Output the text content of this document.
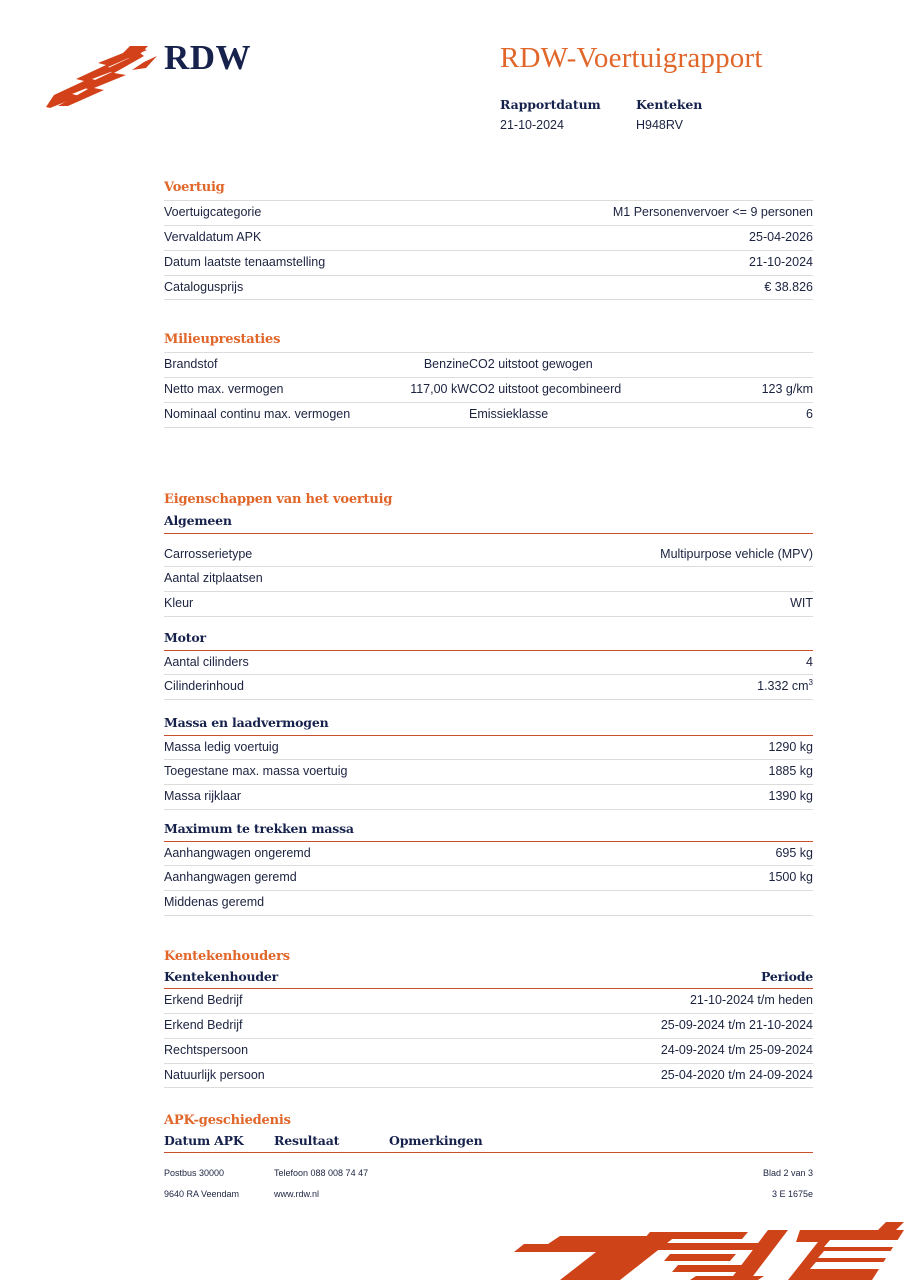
RDW	RDW-Voertuigrapport
Rapportdatum
21-10-2024
Kenteken
H948RV
Voertuig
Voertuigcategorie	M1 Personenvervoer <= 9 personen
Vervaldatum APK	25-04-2026
Datum laatste tenaamstelling	21-10-2024
Catalogusprijs	€ 38.826
Milieuprestaties
Brandstof	Benzine	CO2 uitstoot gewogen	
Netto max. vermogen	117,00 kW	CO2 uitstoot gecombineerd	123 g/km
Nominaal continu max. vermogen		Emissieklasse	6
Eigenschappen van het voertuig
Algemeen
Carrosserietype	Multipurpose vehicle (MPV)
Aantal zitplaatsen	
Kleur	WIT
Motor
Aantal cilinders	4
Cilinderinhoud	1.332 $cm^3$
Massa en laadvermogen
Massa ledig voertuig	1290 kg
Toegestane max. massa voertuig	1885 kg
Massa rijklaar	1390 kg
Maximum te trekken massa
Aanhangwagen ongeremd	695 kg
Aanhangwagen geremd	1500 kg
Middenas geremd	
Kentekenhouders
Kentekenhouder	Periode
Erkend Bedrijf	21-10-2024 t/m heden
Erkend Bedrijf	25-09-2024 t/m 21-10-2024
Rechtspersoon	24-09-2024 t/m 25-09-2024
Natuurlijk persoon	25-04-2020 t/m 24-09-2024
APK-geschiedenis
Datum APK	Resultaat	Opmerkingen
Postbus 30000	Telefoon 088 008 74 47	Blad 2 van 3
9640 RA Veendam	www.rdw.nl	3 E 1675e
